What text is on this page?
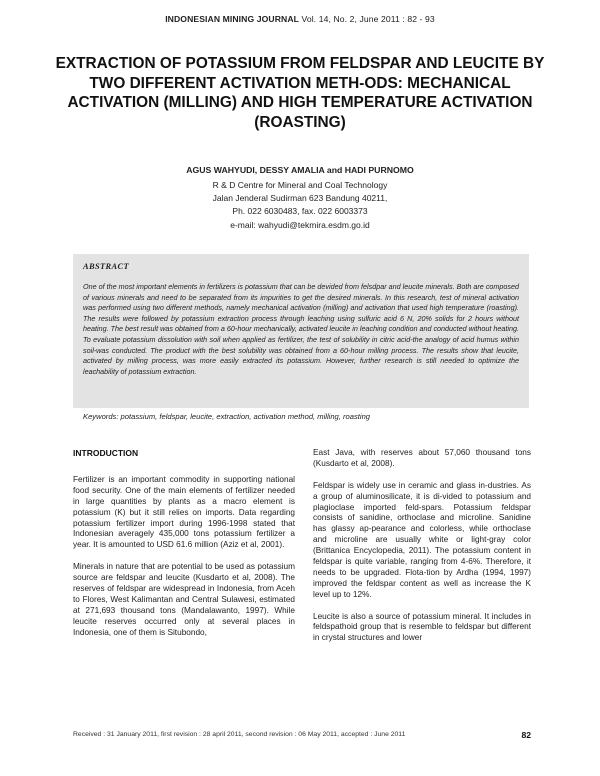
INDONESIAN MINING JOURNAL Vol. 14, No. 2, June 2011 : 82 - 93
EXTRACTION OF POTASSIUM FROM FELDSPAR AND LEUCITE BY TWO DIFFERENT ACTIVATION METH-ODS: MECHANICAL ACTIVATION (MILLING) AND HIGH TEMPERATURE ACTIVATION (ROASTING)
AGUS WAHYUDI, DESSY AMALIA and HADI PURNOMO
R & D Centre for Mineral and Coal Technology
Jalan Jenderal Sudirman 623 Bandung 40211,
Ph. 022 6030483, fax. 022 6003373
e-mail: wahyudi@tekmira.esdm.go.id
ABSTRACT
One of the most important elements in fertilizers is potassium that can be devided from felsdpar and leucite minerals. Both are composed of various minerals and need to be separated from its impurities to get the desired minerals. In this research, test of mineral activation was performed using two different methods, namely mechanical activation (milling) and activation that used high temperature (roasting). The results were followed by potassium extraction process through leaching using sulfuric acid 6 N, 20% solids for 2 hours without heating. The best result was obtained from a 60-hour mechanically, activated leucite in leaching condition and conducted without heating. To evaluate potassium dissolution with soil when applied as fertilizer, the test of solubility in citric acid-the analogy of acid humus within soil-was conducted. The product with the best solubility was obtained from a 60-hour milling process. The results show that leucite, activated by milling process, was more easily extracted its potassium. However, further research is still needed to optimize the leachability of potassium extraction.
Keywords: potassium, feldspar, leucite, extraction, activation method, milling, roasting
INTRODUCTION

Fertilizer is an important commodity in supporting national food security. One of the main elements of fertilizer needed in large quantities by plants as a macro element is potassium (K) but it still relies on imports. Data regarding potassium fertilizer import during 1996-1998 stated that Indonesian averagely 435,000 tons potassium fertilizer a year. It is amounted to USD 61.6 million (Aziz et al, 2001).

Minerals in nature that are potential to be used as potassium source are feldspar and leucite (Kusdarto et al, 2008). The reserves of feldspar are widespread in Indonesia, from Aceh to Flores, West Kalimantan and Central Sulawesi, estimated at 271,693 thousand tons (Mandalawanto, 1997). While leucite reserves occurred only at several places in Indonesia, one of them is Situbondo,

East Java, with reserves about 57,060 thousand tons (Kusdarto et al, 2008).

Feldspar is widely use in ceramic and glass in-dustries. As a group of aluminosilicate, it is di-vided to potassium and plagioclase imported feld-spars. Potassium feldspar consists of sanidine, orthoclase and microline. Sanidine has glassy ap-pearance and colorless, while orthoclase and microline are usually white or light-gray color (Brittanica Encyclopedia, 2011). The potassium content in feldspar is quite variable, ranging from 4-6%. Therefore, it needs to be upgraded. Flota-tion by Ardha (1994, 1997) improved the feldspar content as well as increase the K level up to 12%.

Leucite is also a source of potassium mineral. It includes in feldspathoid group that is resemble to feldspar but different in crystal structures and lower

Received : 31 January 2011, first revision : 28 april 2011, second revision : 06 May 2011, accepted : June 2011	82
